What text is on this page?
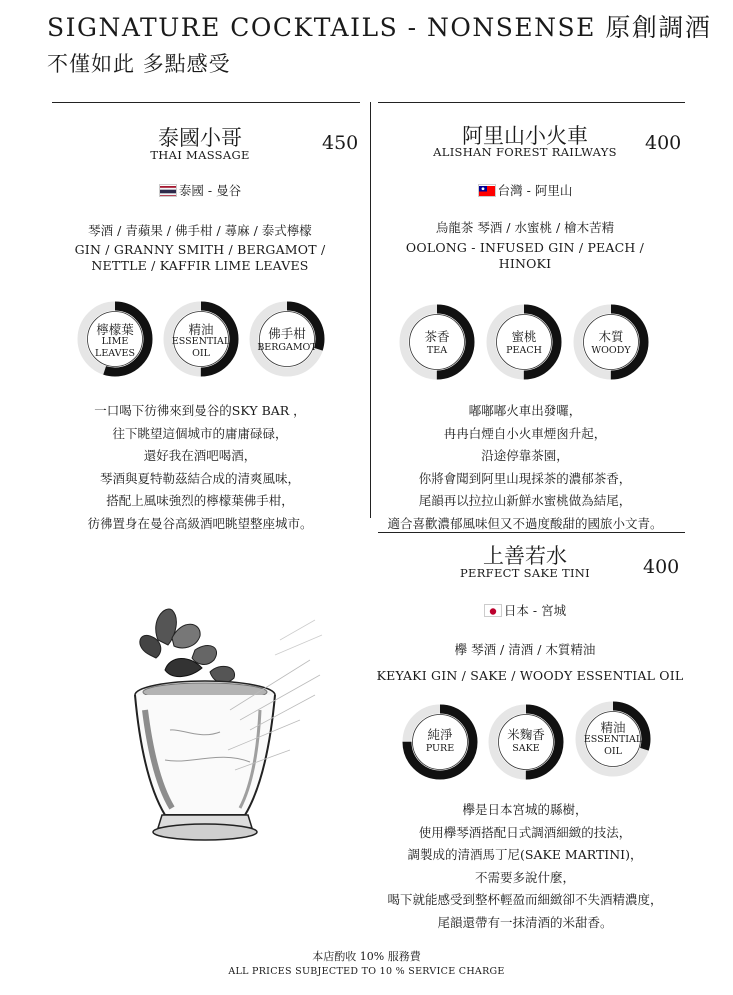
SIGNATURE COCKTAILS - NONSENSE 原創調酒
不僅如此 多點感受
泰國小哥
THAI MASSAGE
450
泰國 - 曼谷
琴酒 / 青蘋果 / 佛手柑 / 蕁麻 / 泰式檸檬
GIN / GRANNY SMITH / BERGAMOT / NETTLE / KAFFIR LIME LEAVES
檸檬葉
LIME LEAVES
精油
ESSENTIAL OIL
佛手柑
BERGAMOT
一口喝下彷彿來到曼谷的SKY BAR ，
往下眺望這個城市的庸庸碌碌，
還好我在酒吧喝酒，
琴酒與夏特勒茲結合成的清爽風味，
搭配上風味強烈的檸檬葉佛手柑，
彷彿置身在曼谷高級酒吧眺望整座城市。
阿里山小火車
ALISHAN FOREST RAILWAYS	400
台灣 - 阿里山
烏龍茶 琴酒 / 水蜜桃 / 檜木苦精
OOLONG - INFUSED GIN / PEACH / HINOKI
茶香
TEA
蜜桃
PEACH
木質
WOODY
嘟嘟嘟火車出發囉，
冉冉白煙自小火車煙囪升起，
沿途停靠茶園，
你將會聞到阿里山現採茶的濃郁茶香，
尾韻再以拉拉山新鮮水蜜桃做為結尾，
適合喜歡濃郁風味但又不過度酸甜的國旅小文青。
上善若水
PERFECT SAKE TINI	400
日本 - 宮城
欅 琴酒 / 清酒 / 木質精油
KEYAKI GIN / SAKE / WOODY ESSENTIAL OIL
純淨
PURE
米麴香
SAKE
精油
ESSENTIAL OIL
欅是日本宮城的縣樹，
使用欅琴酒搭配日式調酒細緻的技法，
調製成的清酒馬丁尼(SAKE MARTINI)，
不需要多說什麼，
喝下就能感受到整杯輕盈而細緻卻不失酒精濃度，
尾韻還帶有一抹清酒的米甜香。
本店酌收 10% 服務費
ALL PRICES SUBJECTED TO 10 % SERVICE CHARGE
